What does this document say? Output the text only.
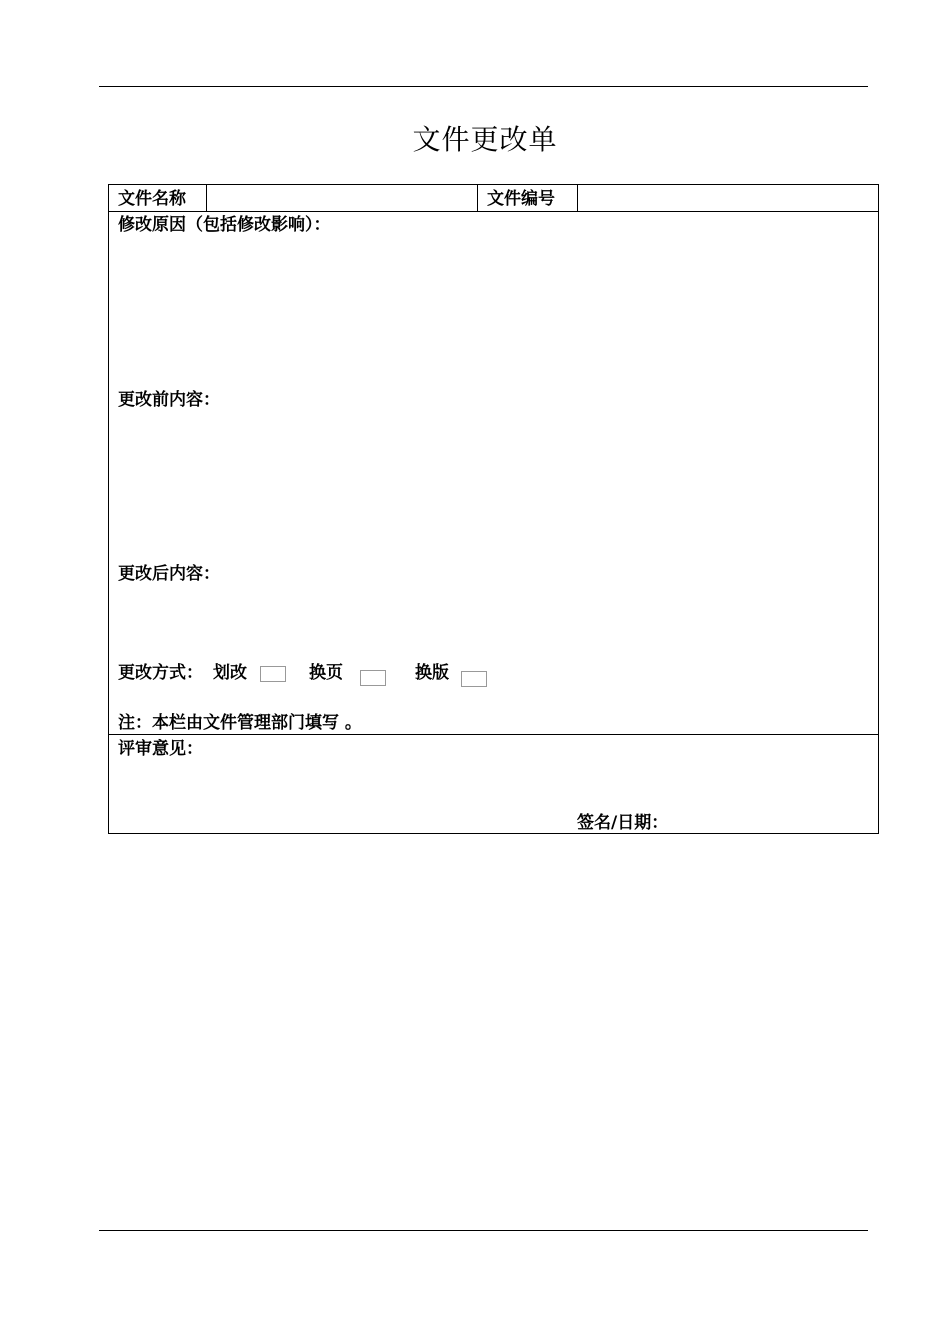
文件更改单
文件名称	文件编号
修改原因（包括修改影响）：
更改前内容：
更改后内容：
更改方式： 划改	换页	换版
注：本栏由文件管理部门填写 。
评审意见：
签名/日期：
